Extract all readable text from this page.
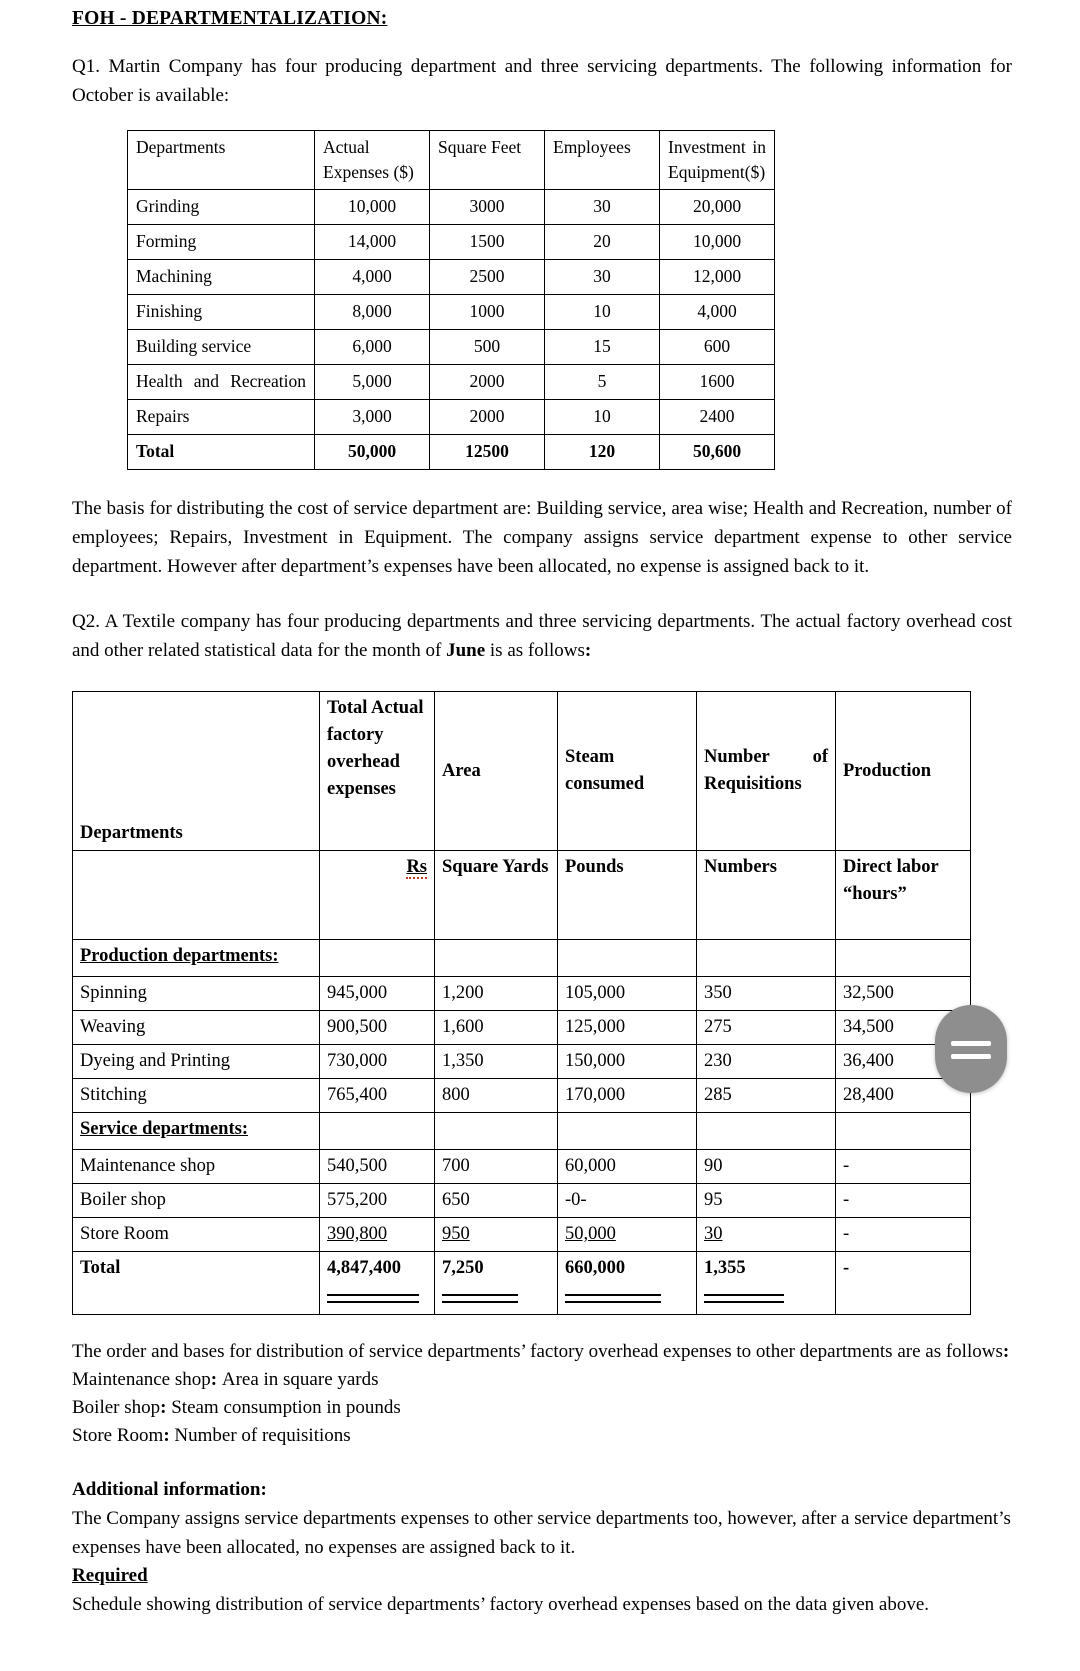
FOH - DEPARTMENTALIZATION:

Q1. Martin Company has four producing department and three servicing departments. The following information for October is available:

Departments	Actual Expenses ($)	Square Feet	Employees	Investment in Equipment($)

Grinding	10,000	3000	30	20,000
Forming	14,000	1500	20	10,000
Machining	4,000	2500	30	12,000
Finishing	8,000	1000	10	4,000
Building service	6,000	500	15	600

Health and Recreation	5,000	2000	5	1600
Repairs	3,000	2000	10	2400
Total	50,000	12500	120	50,600

The basis for distributing the cost of service department are: Building service, area wise; Health and Recreation, number of employees; Repairs, Investment in Equipment. The company assigns service department expense to other service department. However after department’s expenses have been allocated, no expense is assigned back to it.

Q2. A Textile company has four producing departments and three servicing departments. The actual factory overhead cost and other related statistical data for the month of June is as follows:

Departments	Total Actual factory overhead expenses	Area	Steam consumed	Number of Requisitions	Production
	Rs	Square Yards	Pounds	Numbers	Direct labor “hours”
Production departments:					
Spinning	945,000	1,200	105,000	350	32,500
Weaving	900,500	1,600	125,000	275	34,500
Dyeing and Printing	730,000	1,350	150,000	230	36,400
Stitching	765,400	800	170,000	285	28,400
Service departments:					
Maintenance shop	540,500	700	60,000	90	-
Boiler shop	575,200	650	-0-	95	-
Store Room	390,800	950	50,000	30	-
Total	4,847,400	7,250	660,000	1,355	-

The order and bases for distribution of service departments’ factory overhead expenses to other departments are as follows:

Maintenance shop: Area in square yards

Boiler shop: Steam consumption in pounds

Store Room: Number of requisitions

Additional information:

The Company assigns service departments expenses to other service departments too, however, after a service department’s expenses have been allocated, no expenses are assigned back to it.

Required

Schedule showing distribution of service departments’ factory overhead expenses based on the data given above.
